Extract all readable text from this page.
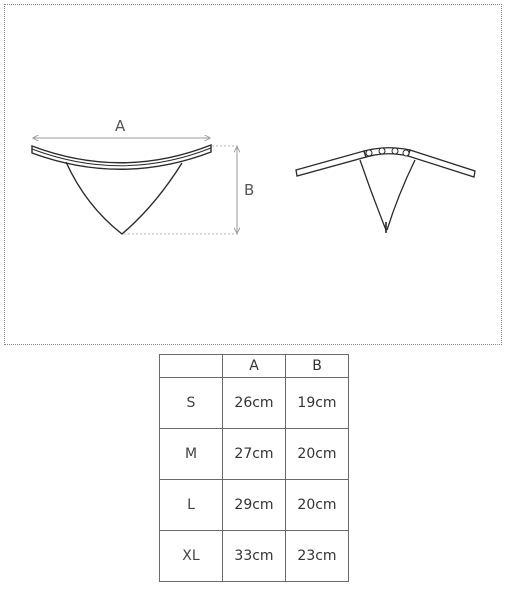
A
B
	A	B
S	26cm	19cm
M	27cm	20cm
L	29cm	20cm
XL	33cm	23cm
